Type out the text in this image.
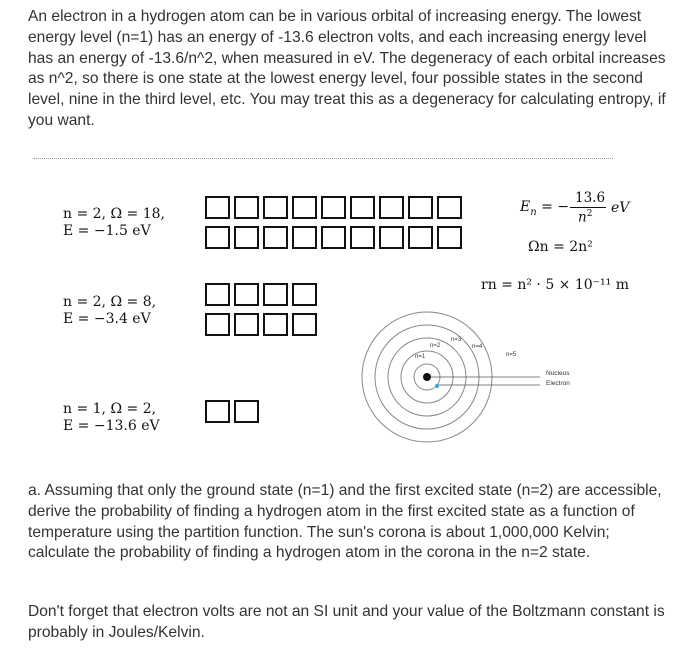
An electron in a hydrogen atom can be in various orbital of increasing energy. The lowest energy level (n=1) has an energy of -13.6 electron volts, and each increasing energy level has an energy of -13.6/n^2, when measured in eV. The degeneracy of each orbital increases as n^2, so there is one state at the lowest energy level, four possible states in the second level, nine in the third level, etc. You may treat this as a degeneracy for calculating entropy, if you want.

n = 2, Ω = 18,
E = −1.5 eV
n = 2, Ω = 8,
E = −3.4 eV
n = 1, Ω = 2,
E = −13.6 eV
$E_n$ = −
13.6
$n^2$ eV
Ωn = 2n²
rn = n² · 5 × 10⁻¹¹ m
n=1
n=2
n=3
n=4
n=5
Nucleus
Electron

a. Assuming that only the ground state (n=1) and the first excited state (n=2) are accessible, derive the probability of finding a hydrogen atom in the first excited state as a function of temperature using the partition function. The sun's corona is about 1,000,000 Kelvin; calculate the probability of finding a hydrogen atom in the corona in the n=2 state.

Don't forget that electron volts are not an SI unit and your value of the Boltzmann constant is probably in Joules/Kelvin.
